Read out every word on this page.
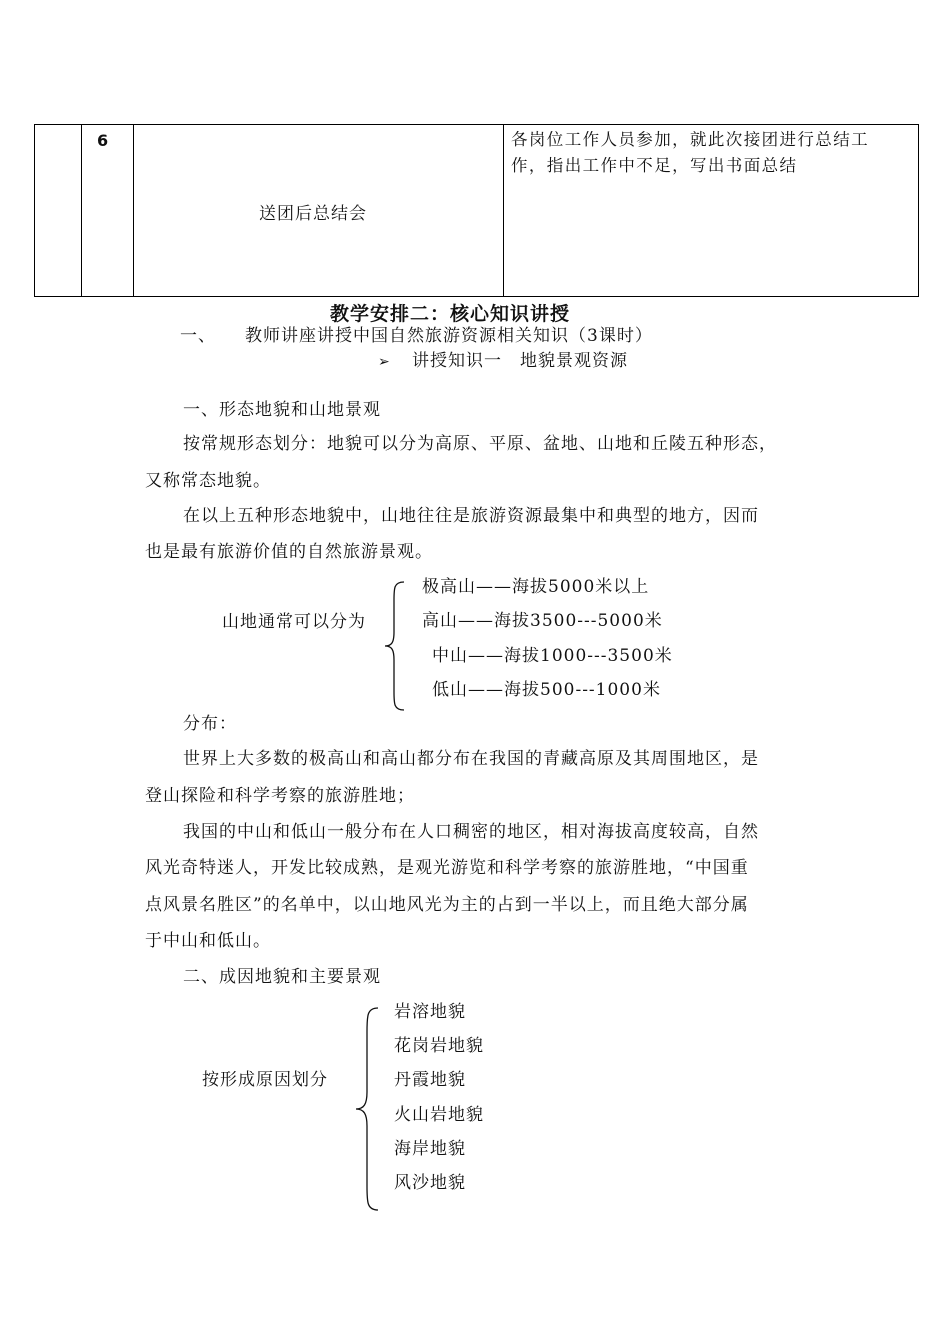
6
送团后总结会
各岗位工作人员参加，就此次接团进行总结工
作，指出工作中不足，写出书面总结
教学安排二：核心知识讲授
一、 教师讲座讲授中国自然旅游资源相关知识（3课时）
➢ 讲授知识一　地貌景观资源
一、形态地貌和山地景观
按常规形态划分：地貌可以分为高原、平原、盆地、山地和丘陵五种形态，
又称常态地貌。
在以上五种形态地貌中，山地往往是旅游资源最集中和典型的地方，因而
也是最有旅游价值的自然旅游景观。
山地通常可以分为
极高山——海拔5000米以上
高山——海拔3500---5000米
中山——海拔1000---3500米
低山——海拔500---1000米
分布：
世界上大多数的极高山和高山都分布在我国的青藏高原及其周围地区，是
登山探险和科学考察的旅游胜地；
我国的中山和低山一般分布在人口稠密的地区，相对海拔高度较高，自然
风光奇特迷人，开发比较成熟，是观光游览和科学考察的旅游胜地，“中国重
点风景名胜区”的名单中，以山地风光为主的占到一半以上，而且绝大部分属
于中山和低山。
二、成因地貌和主要景观
按形成原因划分
岩溶地貌
花岗岩地貌
丹霞地貌
火山岩地貌
海岸地貌
风沙地貌
